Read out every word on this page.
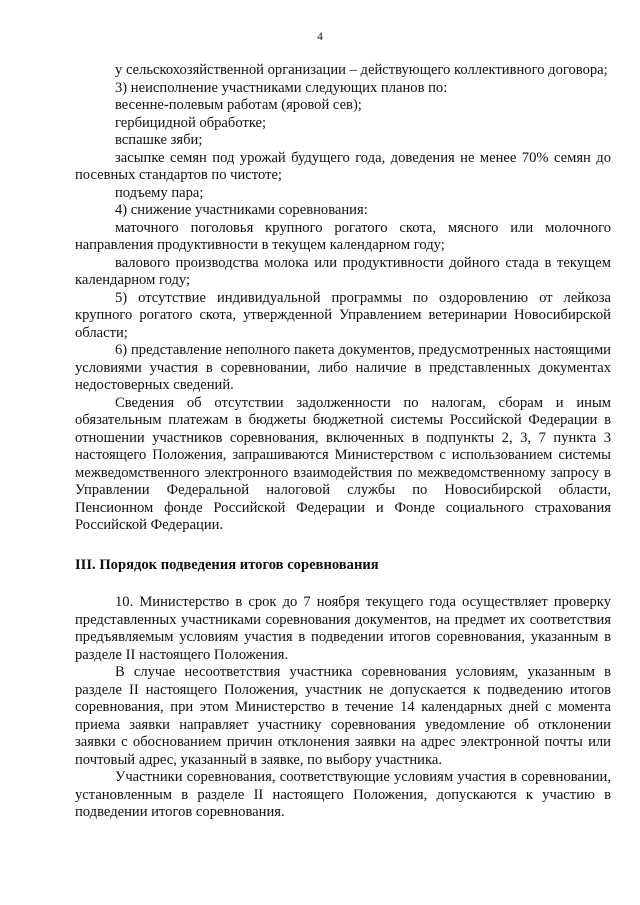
4

у сельскохозяйственной организации – действующего коллективного договора;

3) неисполнение участниками следующих планов по:

весенне-полевым работам (яровой сев);

гербицидной обработке;

вспашке зяби;

засыпке семян под урожай будущего года, доведения не менее 70% семян до посевных стандартов по чистоте;

подъему пара;

4) снижение участниками соревнования:

маточного поголовья крупного рогатого скота, мясного или молочного направления продуктивности в текущем календарном году;

валового производства молока или продуктивности дойного стада в текущем календарном году;

5) отсутствие индивидуальной программы по оздоровлению от лейкоза крупного рогатого скота, утвержденной Управлением ветеринарии Новосибирской области;

6) представление неполного пакета документов, предусмотренных настоящими условиями участия в соревновании, либо наличие в представленных документах недостоверных сведений.

Сведения об отсутствии задолженности по налогам, сборам и иным обязательным платежам в бюджеты бюджетной системы Российской Федерации в отношении участников соревнования, включенных в подпункты 2, 3, 7 пункта 3 настоящего Положения, запрашиваются Министерством с использованием системы межведомственного электронного взаимодействия по межведомственному запросу в Управлении Федеральной налоговой службы по Новосибирской области, Пенсионном фонде Российской Федерации и Фонде социального страхования Российской Федерации.

III. Порядок подведения итогов соревнования

10. Министерство в срок до 7 ноября текущего года осуществляет проверку представленных участниками соревнования документов, на предмет их соответствия предъявляемым условиям участия в подведении итогов соревнования, указанным в разделе II настоящего Положения.

В случае несоответствия участника соревнования условиям, указанным в разделе II настоящего Положения, участник не допускается к подведению итогов соревнования, при этом Министерство в течение 14 календарных дней с момента приема заявки направляет участнику соревнования уведомление об отклонении заявки с обоснованием причин отклонения заявки на адрес электронной почты или почтовый адрес, указанный в заявке, по выбору участника.

Участники соревнования, соответствующие условиям участия в соревновании, установленным в разделе II настоящего Положения, допускаются к участию в подведении итогов соревнования.
